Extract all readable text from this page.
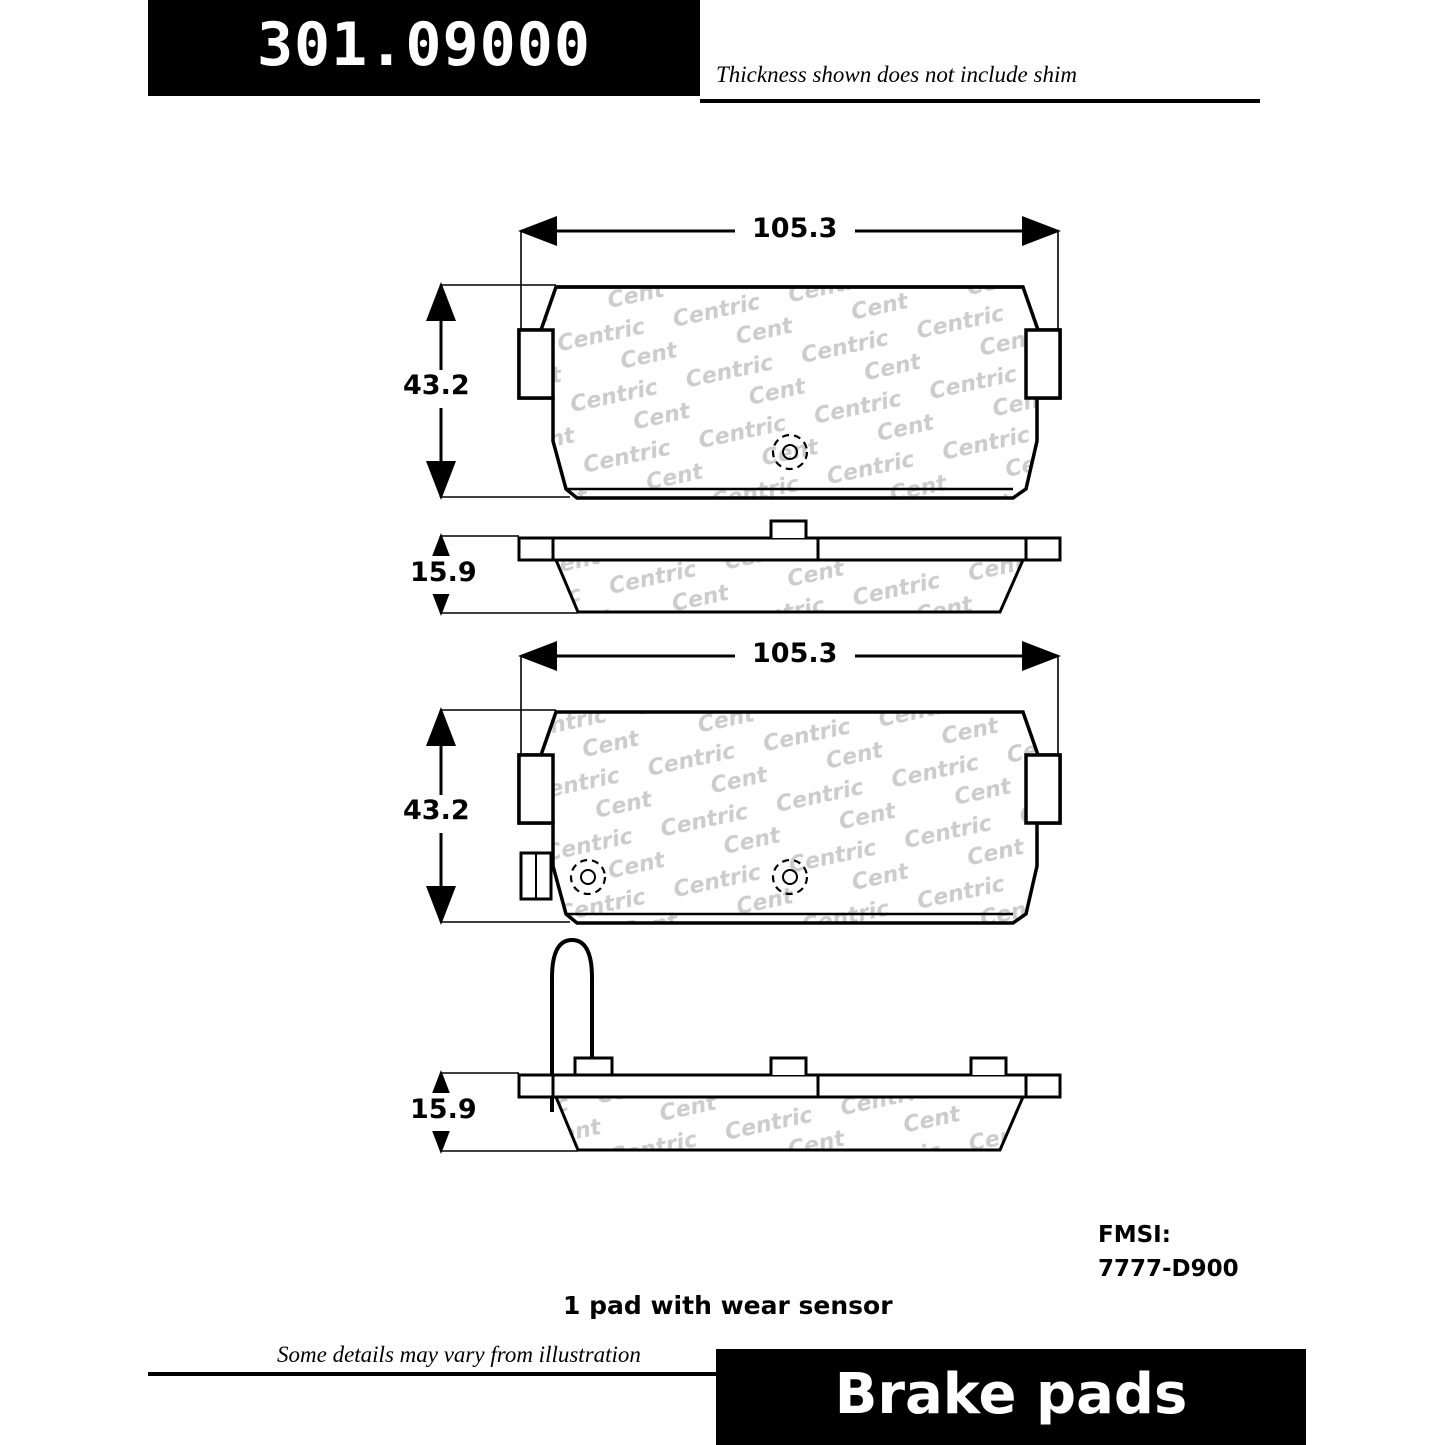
301.09000	Thickness shown does not include shim
105.3
43.2
15.9
105.3
43.2
15.9
FMSI:
7777-D900
1 pad with wear sensor
Some details may vary from illustration
Brake pads
